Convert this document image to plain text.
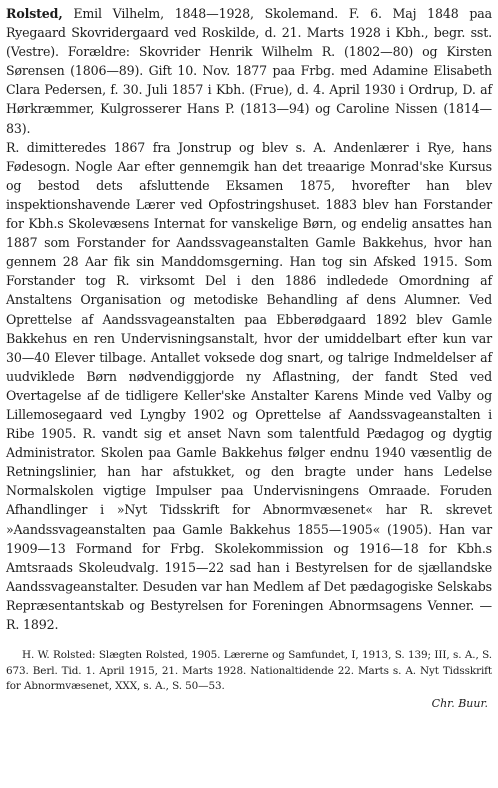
Rolsted, Emil Vilhelm, 1848—1928, Skolemand. F. 6. Maj 1848 paa Ryegaard Skovridergaard ved Roskilde, d. 21. Marts 1928 i Kbh., begr. sst. (Vestre). Forældre: Skovrider Henrik Wilhelm R. (1802—80) og Kirsten Sørensen (1806—89). Gift 10. Nov. 1877 paa Frbg. med Adamine Elisabeth Clara Pedersen, f. 30. Juli 1857 i Kbh. (Frue), d. 4. April 1930 i Ordrup, D. af Hørkræmmer, Kulgrosserer Hans P. (1813—94) og Caroline Nissen (1814—83).

R. dimitteredes 1867 fra Jonstrup og blev s. A. Andenlærer i Rye, hans Fødesogn. Nogle Aar efter gennemgik han det treaarige Monrad'ske Kursus og bestod dets afsluttende Eksamen 1875, hvorefter han blev inspektionshavende Lærer ved Opfostringshuset. 1883 blev han Forstander for Kbh.s Skolevæsens Internat for vanskelige Børn, og endelig ansattes han 1887 som Forstander for Aandssvageanstalten Gamle Bakkehus, hvor han gennem 28 Aar fik sin Manddomsgerning. Han tog sin Afsked 1915. Som Forstander tog R. virksomt Del i den 1886 indledede Omordning af Anstaltens Organisation og metodiske Behandling af dens Alumner. Ved Oprettelse af Aandssvageanstalten paa Ebberødgaard 1892 blev Gamle Bakkehus en ren Undervisningsanstalt, hvor der umiddelbart efter kun var 30—40 Elever tilbage. Antallet voksede dog snart, og talrige Indmeldelser af uudviklede Børn nødvendiggjorde ny Aflastning, der fandt Sted ved Overtagelse af de tidligere Keller'ske Anstalter Karens Minde ved Valby og Lillemosegaard ved Lyngby 1902 og Oprettelse af Aandssvageanstalten i Ribe 1905. R. vandt sig et anset Navn som talentfuld Pædagog og dygtig Administrator. Skolen paa Gamle Bakkehus følger endnu 1940 væsentlig de Retningslinier, han har afstukket, og den bragte under hans Ledelse Normalskolen vigtige Impulser paa Undervisningens Omraade. Foruden Afhandlinger i »Nyt Tidsskrift for Abnormvæsenet« har R. skrevet »Aandssvageanstalten paa Gamle Bakkehus 1855—1905« (1905). Han var 1909—13 Formand for Frbg. Skolekommission og 1916—18 for Kbh.s Amtsraads Skoleudvalg. 1915—22 sad han i Bestyrelsen for de sjællandske Aandssvageanstalter. Desuden var han Medlem af Det pædagogiske Selskabs Repræsentantskab og Bestyrelsen for Foreningen Abnormsagens Venner. — R. 1892.

H. W. Rolsted: Slægten Rolsted, 1905. Lærerne og Samfundet, I, 1913, S. 139; III, s. A., S. 673. Berl. Tid. 1. April 1915, 21. Marts 1928. Nationaltidende 22. Marts s. A. Nyt Tidsskrift for Abnormvæsenet, XXX, s. A., S. 50—53.

Chr. Buur.
